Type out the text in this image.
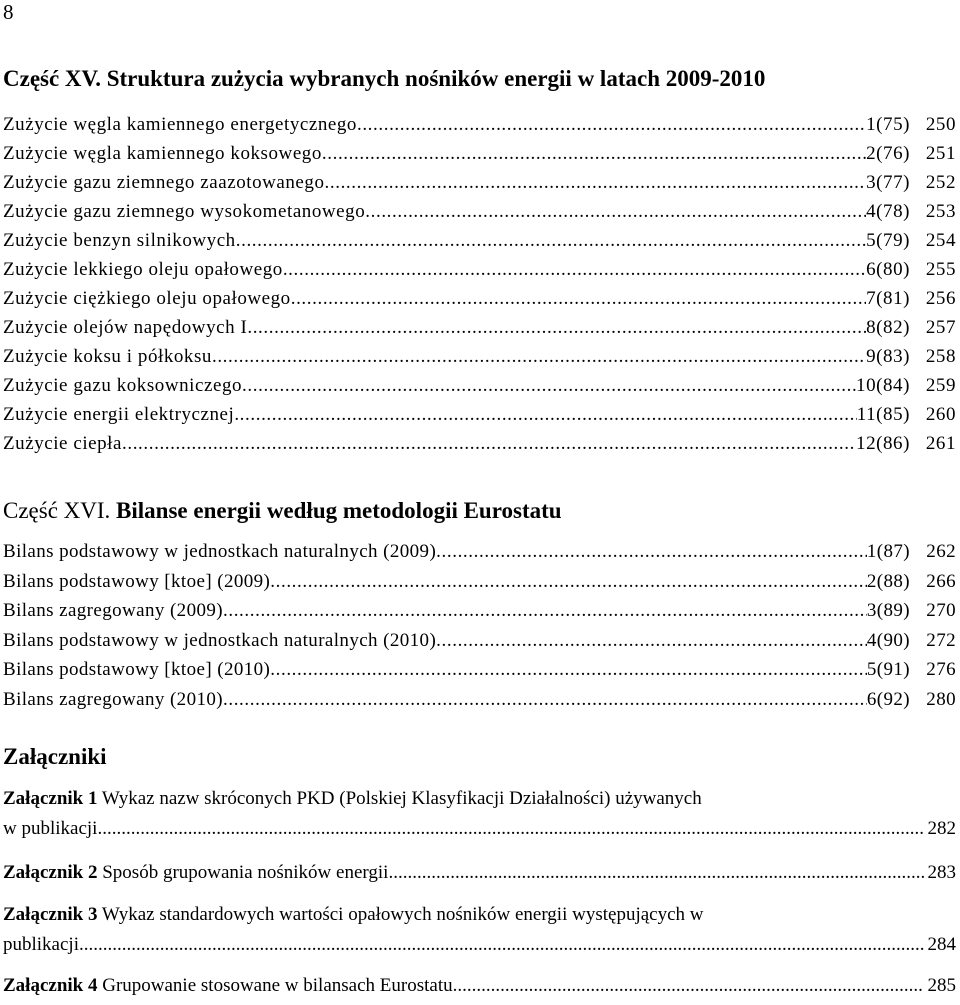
8
Część XV. Struktura zużycia wybranych nośników energii w latach 2009-2010
Zużycie węgla kamiennego energetycznego .....	1(75) 250
Zużycie węgla kamiennego koksowego .....	2(76) 251
Zużycie gazu ziemnego zaazotowanego .....	3(77) 252
Zużycie gazu ziemnego wysokometanowego .....	4(78) 253
Zużycie benzyn silnikowych .....	5(79) 254
Zużycie lekkiego oleju opałowego .....	6(80) 255
Zużycie ciężkiego oleju opałowego .....	7(81) 256
Zużycie olejów napędowych I .....	8(82) 257
Zużycie koksu i półkoksu .....	9(83) 258
Zużycie gazu koksowniczego .....	10(84) 259
Zużycie energii elektrycznej .....	11(85) 260
Zużycie ciepła .....	12(86) 261
Część XVI. Bilanse energii według metodologii Eurostatu
Bilans podstawowy w jednostkach naturalnych (2009) .....	1(87) 262
Bilans podstawowy [ktoe] (2009) .....	2(88) 266
Bilans zagregowany (2009) .....	3(89) 270
Bilans podstawowy w jednostkach naturalnych (2010) .....	4(90) 272
Bilans podstawowy [ktoe] (2010) .....	5(91) 276
Bilans zagregowany (2010) .....	6(92) 280
Załączniki
Załącznik 1 Wykaz nazw skróconych PKD (Polskiej Klasyfikacji Działalności) używanych
w publikacji .....	282
Załącznik 2 Sposób grupowania nośników energii .....	283
Załącznik 3 Wykaz standardowych wartości opałowych nośników energii występujących w
publikacji .....	284
Załącznik 4 Grupowanie stosowane w bilansach Eurostatu .....	285
